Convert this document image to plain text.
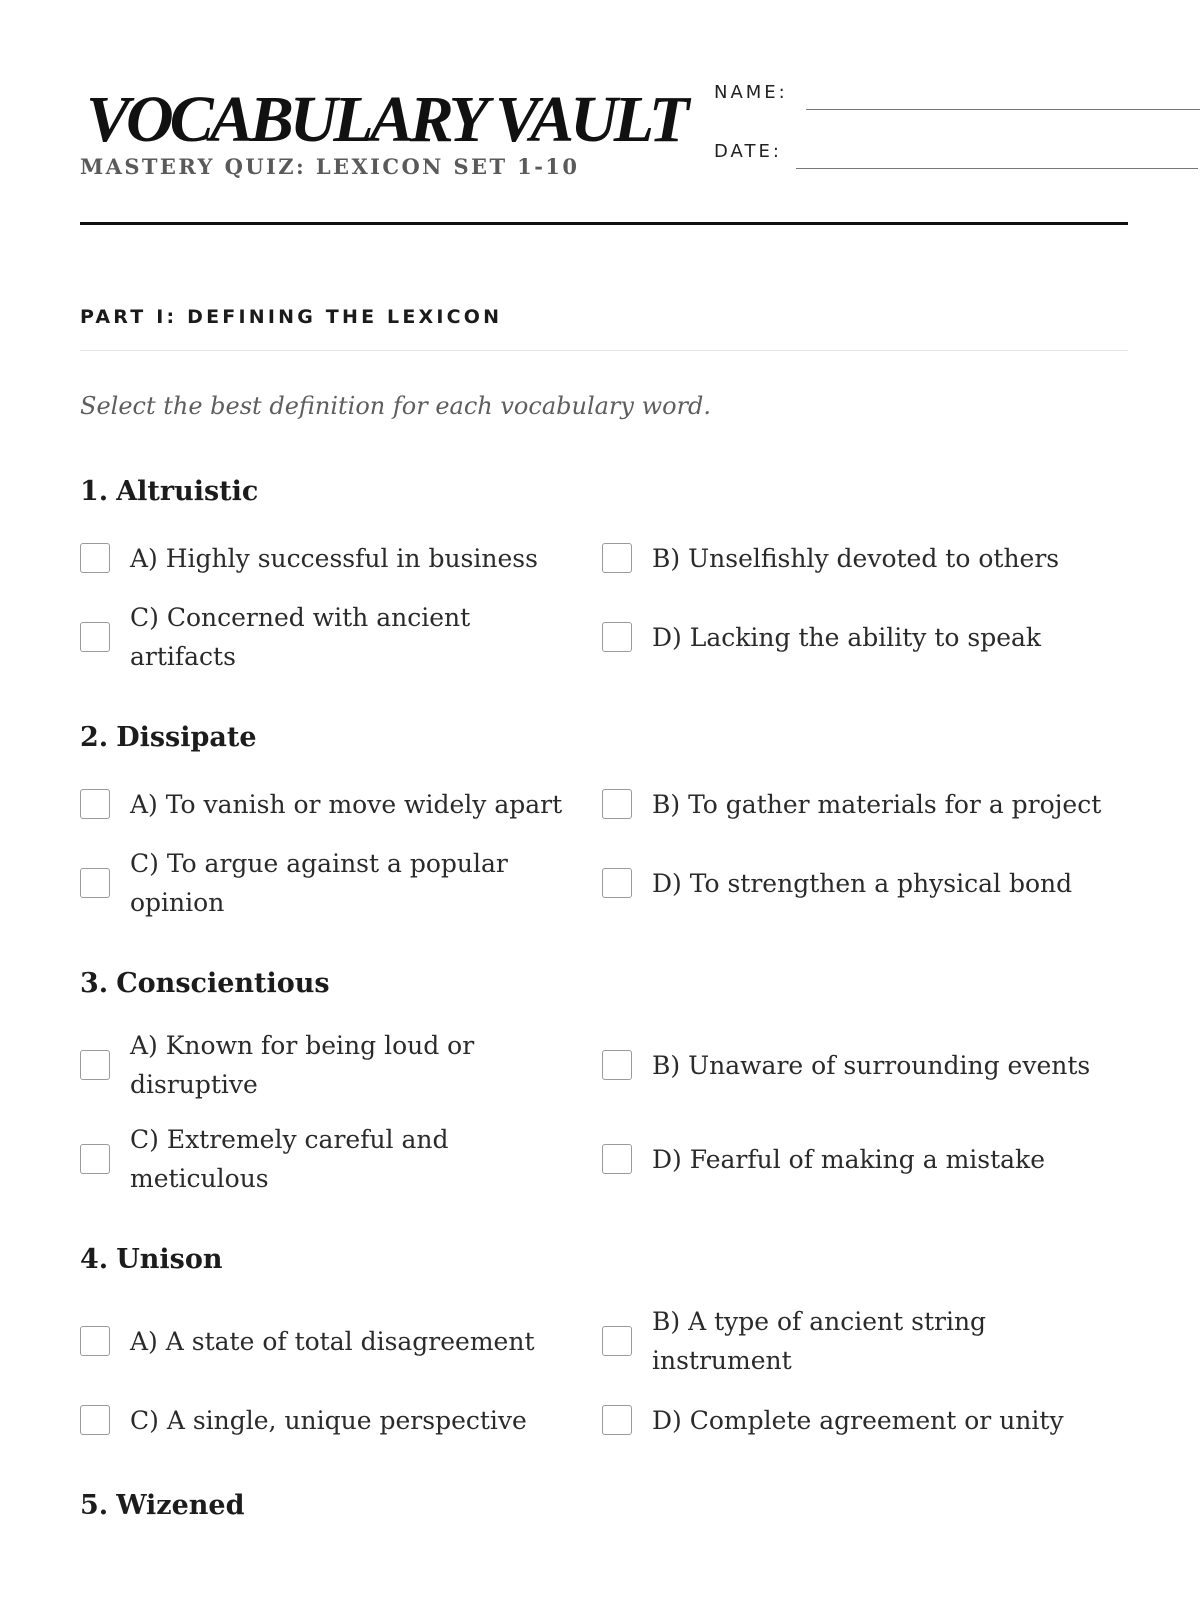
VOCABULARY VAULT
MASTERY QUIZ: LEXICON SET 1-10
NAME:
DATE:
PART I: DEFINING THE LEXICON
Select the best definition for each vocabulary word.
1. Altruistic
A) Highly successful in business	B) Unselfishly devoted to others
C) Concerned with ancient artifacts
D) Lacking the ability to speak
2. Dissipate
A) To vanish or move widely apart	B) To gather materials for a project
C) To argue against a popular opinion
D) To strengthen a physical bond
3. Conscientious
A) Known for being loud or disruptive
B) Unaware of surrounding events
C) Extremely careful and meticulous
D) Fearful of making a mistake
4. Unison
A) A state of total disagreement
B) A type of ancient string instrument
C) A single, unique perspective	D) Complete agreement or unity
5. Wizened
